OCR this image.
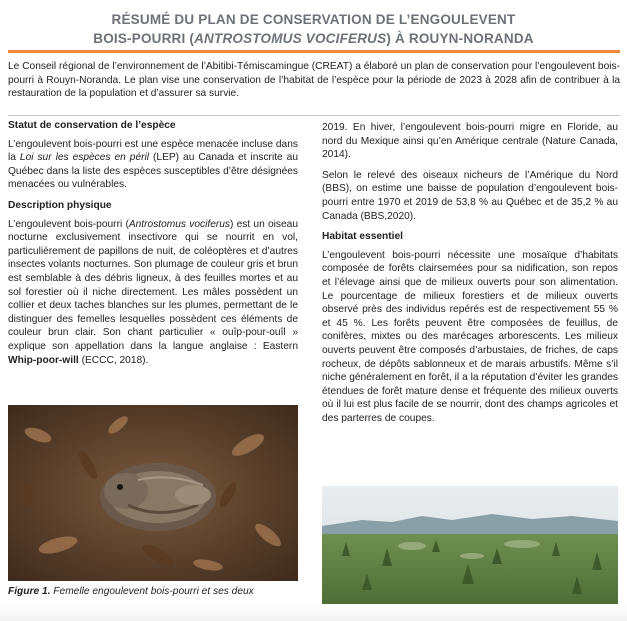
RÉSUMÉ DU PLAN DE CONSERVATION DE L’ENGOULEVENT
BOIS-POURRI (ANTROSTOMUS VOCIFERUS) À ROUYN-NORANDA

Le Conseil régional de l’environnement de l’Abitibi-Témiscamingue (CREAT) a élaboré un plan de conservation pour l’engoulevent bois-pourri à Rouyn-Noranda. Le plan vise une conservation de l’habitat de l’espèce pour la période de 2023 à 2028 afin de contribuer à la restauration de la population et d’assurer sa survie.

Statut de conservation de l’espèce

L’engoulevent bois-pourri est une espèce menacée incluse dans la Loi sur les espèces en péril (LEP) au Canada et inscrite au Québec dans la liste des espèces susceptibles d’être désignées menacées ou vulnérables.

Description physique

L’engoulevent bois-pourri (Antrostomus vociferus) est un oiseau nocturne exclusivement insectivore qui se nourrit en vol, particulièrement de papillons de nuit, de coléoptères et d’autres insectes volants nocturnes. Son plumage de couleur gris et brun est semblable à des débris ligneux, à des feuilles mortes et au sol forestier où il niche directement. Les mâles possèdent un collier et deux taches blanches sur les plumes, permettant de le distinguer des femelles lesquelles possèdent ces éléments de couleur brun clair. Son chant particulier « ouîp-pour-ouîl » explique son appellation dans la langue anglaise : Eastern Whip-poor-will (ECCC, 2018).

Figure 1. Femelle engoulevent bois-pourri et ses deux

2019. En hiver, l’engoulevent bois-pourri migre en Floride, au nord du Mexique ainsi qu’en Amérique centrale (Nature Canada, 2014).

Selon le relevé des oiseaux nicheurs de l’Amérique du Nord (BBS), on estime une baisse de population d’engoulevent bois-pourri entre 1970 et 2019 de 53,8 % au Québec et de 35,2 % au Canada (BBS,2020).

Habitat essentiel

L’engoulevent bois-pourri nécessite une mosaïque d’habitats composée de forêts clairsemées pour sa nidification, son repos et l’élevage ainsi que de milieux ouverts pour son alimentation. Le pourcentage de milieux forestiers et de milieux ouverts observé près des individus repérés est de respectivement 55 % et 45 %. Les forêts peuvent être composées de feuillus, de conifères, mixtes ou des marécages arborescents. Les milieux ouverts peuvent être composés d’arbustaies, de friches, de caps rocheux, de dépôts sablonneux et de marais arbustifs. Même s’il niche généralement en forêt, il a la réputation d’éviter les grandes étendues de forêt mature dense et fréquente des milieux ouverts où il lui est plus facile de se nourrir, dont des champs agricoles et des parterres de coupes.
